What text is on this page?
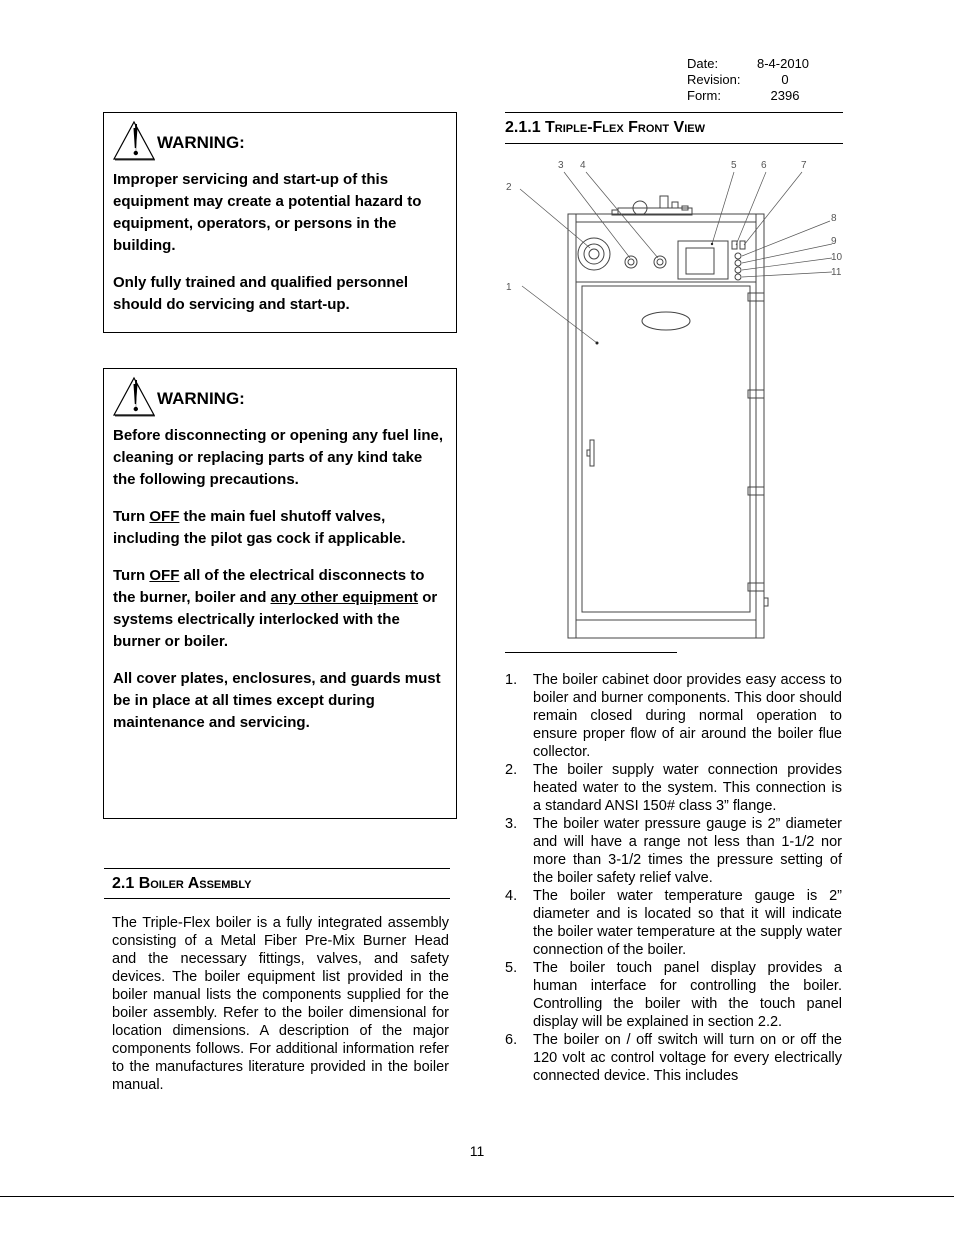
Date:	8-4-2010
Revision:	0
Form:	2396
WARNING:

Improper servicing and start-up of this equipment may create a potential hazard to equipment, operators, or persons in the building.

Only fully trained and qualified personnel should do servicing and start-up.

WARNING:

Before disconnecting or opening any fuel line, cleaning or replacing parts of any kind take the following precautions.

Turn OFF the main fuel shutoff valves, including the pilot gas cock if applicable.

Turn OFF all of the electrical disconnects to the burner, boiler and any other equipment or systems electrically interlocked with the burner or boiler.

All cover plates, enclosures, and guards must be in place at all times except during maintenance and servicing.

2.1 Boiler Assembly
The Triple-Flex boiler is a fully integrated assembly consisting of a Metal Fiber Pre-Mix Burner Head and the necessary fittings, valves, and safety devices. The boiler equipment list provided in the boiler manual lists the components supplied for the boiler assembly. Refer to the boiler dimensional for location dimensions. A description of the major components follows. For additional information refer to the manufactures literature provided in the boiler manual.
2.1.1 Triple-Flex Front View
1
2
3 4	5 6	7
8
9
10
11
1.	The boiler cabinet door provides easy access to boiler and burner components. This door should remain closed during normal operation to ensure proper flow of air around the boiler flue collector.
2.	The boiler supply water connection provides heated water to the system. This connection is a standard ANSI 150# class 3” flange.
3.	The boiler water pressure gauge is 2” diameter and will have a range not less than 1-1/2 nor more than 3-1/2 times the pressure setting of the boiler safety relief valve.
4.	The boiler water temperature gauge is 2” diameter and is located so that it will indicate the boiler water temperature at the supply water connection of the boiler.
5.	The boiler touch panel display provides a human interface for controlling the boiler. Controlling the boiler with the touch panel display will be explained in section 2.2.
6.	The boiler on / off switch will turn on or off the 120 volt ac control voltage for every electrically connected device. This includes
11
